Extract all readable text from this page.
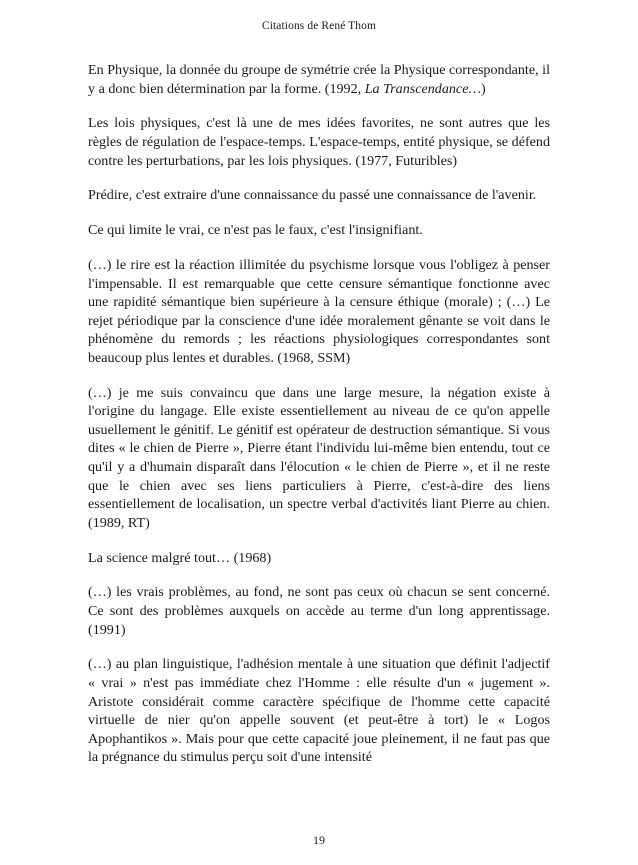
Citations de René Thom

En Physique, la donnée du groupe de symétrie crée la Physique correspondante, il y a donc bien détermination par la forme. (1992, La Transcendance…)

Les lois physiques, c'est là une de mes idées favorites, ne sont autres que les règles de régulation de l'espace-temps. L'espace-temps, entité physique, se défend contre les perturbations, par les lois physiques. (1977, Futuribles)

Prédire, c'est extraire d'une connaissance du passé une connaissance de l'avenir.

Ce qui limite le vrai, ce n'est pas le faux, c'est l'insignifiant.

(…) le rire est la réaction illimitée du psychisme lorsque vous l'obligez à penser l'impensable. Il est remarquable que cette censure sémantique fonctionne avec une rapidité sémantique bien supérieure à la censure éthique (morale) ; (…) Le rejet périodique par la conscience d'une idée moralement gênante se voit dans le phénomène du remords ; les réactions physiologiques correspondantes sont beaucoup plus lentes et durables. (1968, SSM)

(…) je me suis convaincu que dans une large mesure, la négation existe à l'origine du langage. Elle existe essentiellement au niveau de ce qu'on appelle usuellement le génitif. Le génitif est opérateur de destruction sémantique. Si vous dites « le chien de Pierre », Pierre étant l'individu lui-même bien entendu, tout ce qu'il y a d'humain disparaît dans l'élocution « le chien de Pierre », et il ne reste que le chien avec ses liens particuliers à Pierre, c'est-à-dire des liens essentiellement de localisation, un spectre verbal d'activités liant Pierre au chien. (1989, RT)

La science malgré tout… (1968)

(…) les vrais problèmes, au fond, ne sont pas ceux où chacun se sent concerné. Ce sont des problèmes auxquels on accède au terme d'un long apprentissage. (1991)

(…) au plan linguistique, l'adhésion mentale à une situation que définit l'adjectif « vrai » n'est pas immédiate chez l'Homme : elle résulte d'un « jugement ». Aristote considérait comme caractère spécifique de l'homme cette capacité virtuelle de nier qu'on appelle souvent (et peut-être à tort) le « Logos Apophantikos ». Mais pour que cette capacité joue pleinement, il ne faut pas que la prégnance du stimulus perçu soit d'une intensité

19
